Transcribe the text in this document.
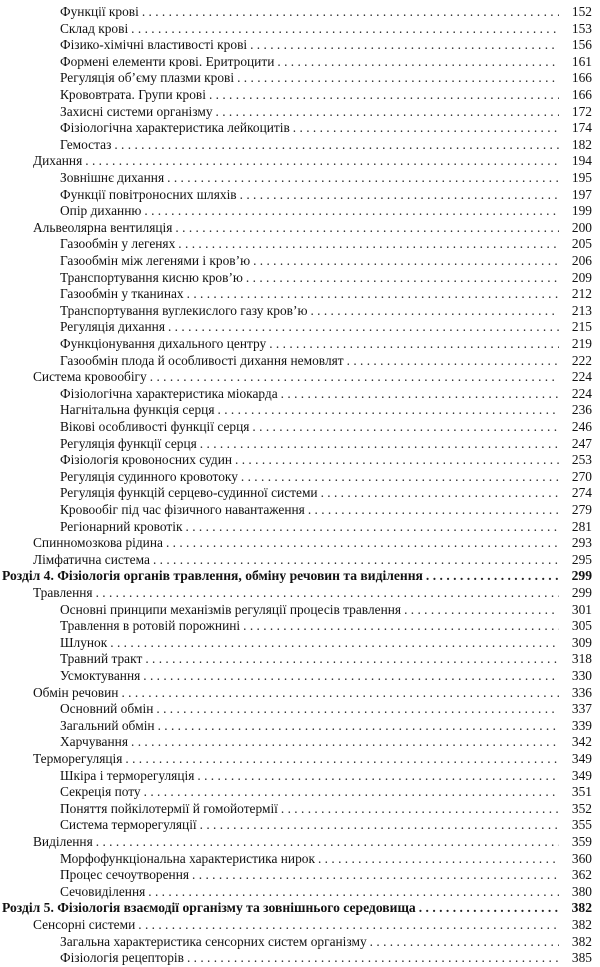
Функції крові . . .	152
Склад крові . . .	153
Фізико-хімічні властивості крові . . .	156
Формені елементи крові. Еритроцити . . .	161
Регуляція об’єму плазми крові . . .	166
Крововтрата. Групи крові . . .	166
Захисні системи організму . . .	172
Фізіологічна характеристика лейкоцитів . . .	174
Гемостаз . . .	182
Дихання . . .	194
Зовнішнє дихання . . .	195
Функції повітроносних шляхів . . .	197
Опір диханню . . .	199
Альвеолярна вентиляція . . .	200
Газообмін у легенях . . .	205
Газообмін між легенями і кров’ю . . .	206
Транспортування кисню кров’ю . . .	209
Газообмін у тканинах . . .	212
Транспортування вуглекислого газу кров’ю . . .	213
Регуляція дихання . . .	215
Функціонування дихального центру . . .	219
Газообмін плода й особливості дихання немовлят . . .	222
Система кровообігу . . .	224
Фізіологічна характеристика міокарда . . .	224
Нагнітальна функція серця . . .	236
Вікові особливості функції серця . . .	246
Регуляція функції серця . . .	247
Фізіологія кровоносних судин . . .	253
Регуляція судинного кровотоку . . .	270
Регуляція функцій серцево-судинної системи . . .	274
Кровообіг під час фізичного навантаження . . .	279
Регіонарний кровотік . . .	281
Спинномозкова рідина . . .	293
Лімфатична система . . .	295
Розділ 4. Фізіологія органів травлення, обміну речовин та виділення . . .	299
Травлення . . .	299
Основні принципи механізмів регуляції процесів травлення . . .	301
Травлення в ротовій порожнині . . .	305
Шлунок . . .	309
Травний тракт . . .	318
Усмоктування . . .	330
Обмін речовин . . .	336
Основний обмін . . .	337
Загальний обмін . . .	339
Харчування . . .	342
Терморегуляція . . .	349
Шкіра і терморегуляція . . .	349
Секреція поту . . .	351
Поняття пойкілотермії й гомойотермії . . .	352
Система терморегуляції . . .	355
Виділення . . .	359
Морфофункціональна характеристика нирок . . .	360
Процес сечоутворення . . .	362
Сечовиділення . . .	380
Розділ 5. Фізіологія взаємодії організму та зовнішнього середовища . . .	382
Сенсорні системи . . .	382
Загальна характеристика сенсорних систем організму . . .	382
Фізіологія рецепторів . . .	385
